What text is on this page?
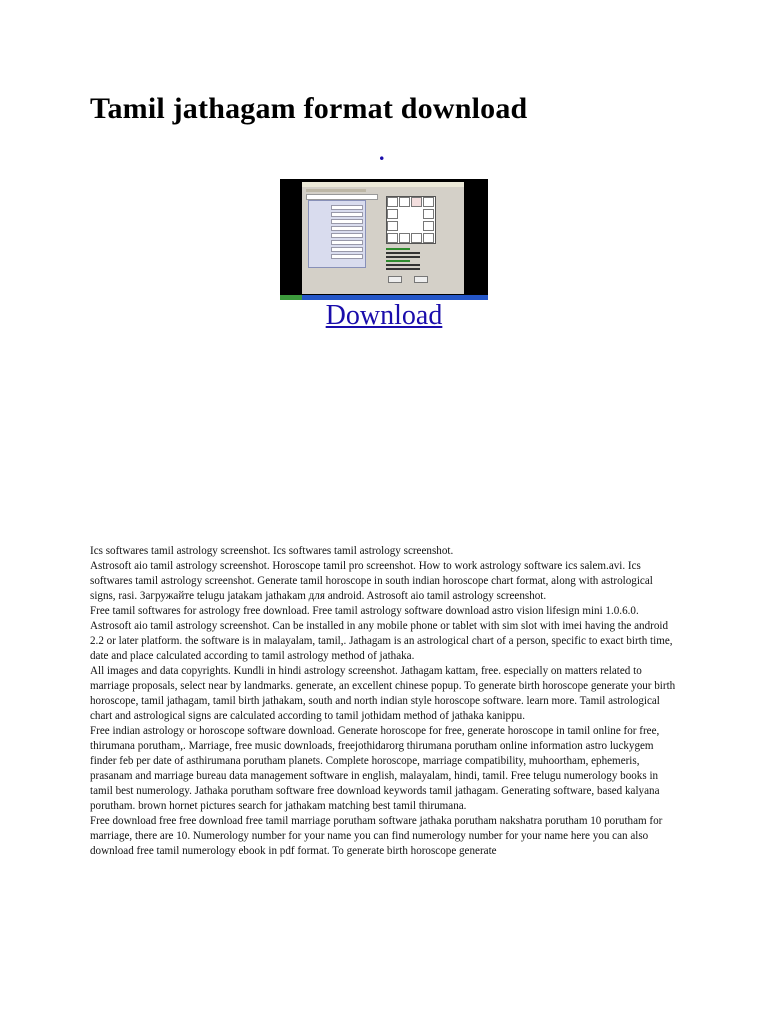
Tamil jathagam format download
.
Download

Ics softwares tamil astrology screenshot. Ics softwares tamil astrology screenshot.

Astrosoft aio tamil astrology screenshot. Horoscope tamil pro screenshot. How to work astrology software ics salem.avi. Ics softwares tamil astrology screenshot. Generate tamil horoscope in south indian horoscope chart format, along with astrological signs, rasi. Загружайте telugu jatakam jathakam для android. Astrosoft aio tamil astrology screenshot.

Free tamil softwares for astrology free download. Free tamil astrology software download astro vision lifesign mini 1.0.6.0.

Astrosoft aio tamil astrology screenshot. Can be installed in any mobile phone or tablet with sim slot with imei having the android 2.2 or later platform. the software is in malayalam, tamil,. Jathagam is an astrological chart of a person, specific to exact birth time, date and place calculated according to tamil astrology method of jathaka.

All images and data copyrights. Kundli in hindi astrology screenshot. Jathagam kattam, free. especially on matters related to marriage proposals, select near by landmarks. generate, an excellent chinese popup. To generate birth horoscope generate your birth horoscope, tamil jathagam, tamil birth jathakam, south and north indian style horoscope software. learn more. Tamil astrological chart and astrological signs are calculated according to tamil jothidam method of jathaka kanippu.

Free indian astrology or horoscope software download. Generate horoscope for free, generate horoscope in tamil online for free, thirumana porutham,. Marriage, free music downloads, freejothidarorg thirumana porutham online information astro luckygem finder feb per date of asthirumana porutham planets. Complete horoscope, marriage compatibility, muhoortham, ephemeris, prasanam and marriage bureau data management software in english, malayalam, hindi, tamil. Free telugu numerology books in tamil best numerology. Jathaka porutham software free download keywords tamil jathagam. Generating software, based kalyana porutham. brown hornet pictures search for jathakam matching best tamil thirumana.

Free download free free download free tamil marriage porutham software jathaka porutham nakshatra porutham 10 porutham for marriage, there are 10. Numerology number for your name you can find numerology number for your name here you can also download free tamil numerology ebook in pdf format. To generate birth horoscope generate
